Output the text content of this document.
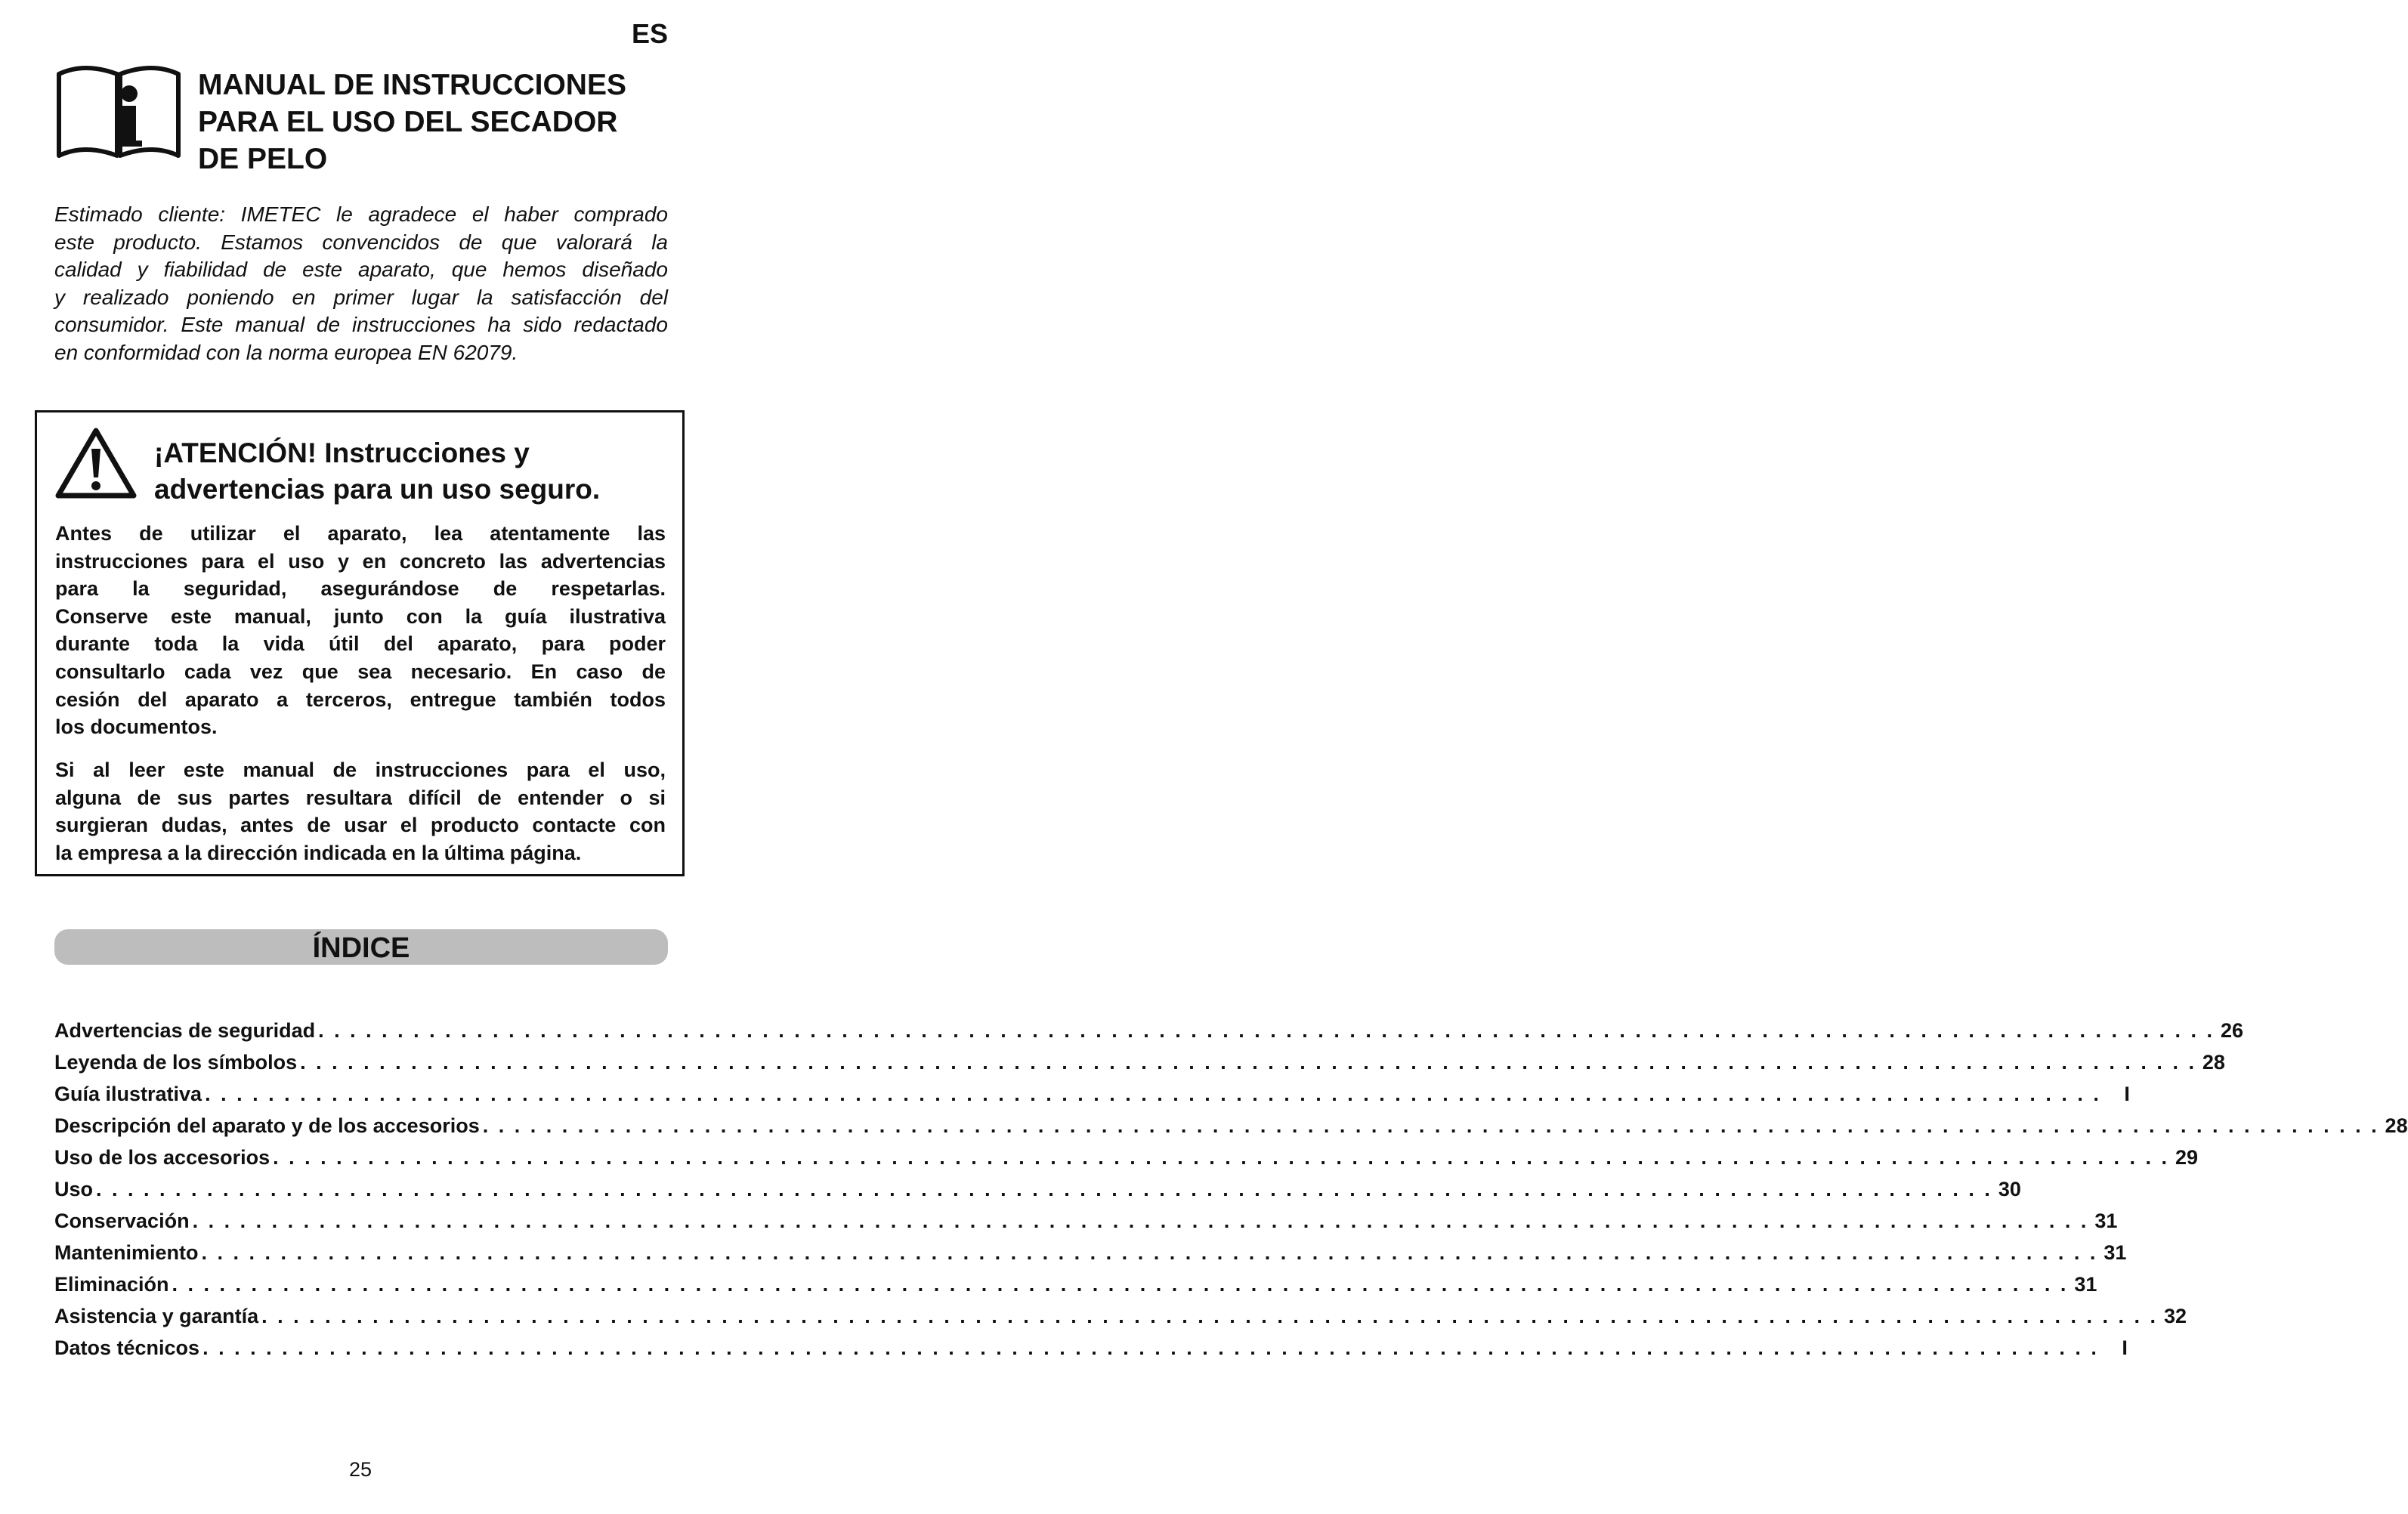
ES
MANUAL DE INSTRUCCIONES
PARA EL USO DEL SECADOR
DE PELO
Estimado cliente: IMETEC le agradece el haber comprado
este producto. Estamos convencidos de que valorará la
calidad y fiabilidad de este aparato, que hemos diseñado
y realizado poniendo en primer lugar la satisfacción del
consumidor. Este manual de instrucciones ha sido redactado
en conformidad con la norma europea EN 62079.
¡ATENCIÓN! Instrucciones y
advertencias para un uso seguro.
Antes de utilizar el aparato, lea atentamente las
instrucciones para el uso y en concreto las advertencias
para la seguridad, asegurándose de respetarlas.
Conserve este manual, junto con la guía ilustrativa
durante toda la vida útil del aparato, para poder
consultarlo cada vez que sea necesario. En caso de
cesión del aparato a terceros, entregue también todos
los documentos.
Si al leer este manual de instrucciones para el uso,
alguna de sus partes resultara difícil de entender o si
surgieran dudas, antes de usar el producto contacte con
la empresa a la dirección indicada en la última página.
ÍNDICE
Advertencias de seguridad . . . . . . . . . . . . . . . . . . . . . . . . . . . . . . . . . . . . . . . . . . . . . . . . . . . . . . . . . . . . . . . . . . . . . . . . . . . . . . . . . . . . . . . . . . . . . . . . . . . . . . . . . . . . . . . . . . . . . . . . 26
Leyenda de los símbolos . . . . . . . . . . . . . . . . . . . . . . . . . . . . . . . . . . . . . . . . . . . . . . . . . . . . . . . . . . . . . . . . . . . . . . . . . . . . . . . . . . . . . . . . . . . . . . . . . . . . . . . . . . . . . . . . . . . . . . . . 28
Guía ilustrativa . . . . . . . . . . . . . . . . . . . . . . . . . . . . . . . . . . . . . . . . . . . . . . . . . . . . . . . . . . . . . . . . . . . . . . . . . . . . . . . . . . . . . . . . . . . . . . . . . . . . . . . . . . . . . . . . . . . . . . . .	I
Descripción del aparato y de los accesorios . . . . . . . . . . . . . . . . . . . . . . . . . . . . . . . . . . . . . . . . . . . . . . . . . . . . . . . . . . . . . . . . . . . . . . . . . . . . . . . . . . . . . . . . . . . . . . . . . . . . . . . . . . . . . . . . . . . . . . . . 28
Uso de los accesorios . . . . . . . . . . . . . . . . . . . . . . . . . . . . . . . . . . . . . . . . . . . . . . . . . . . . . . . . . . . . . . . . . . . . . . . . . . . . . . . . . . . . . . . . . . . . . . . . . . . . . . . . . . . . . . . . . . . . . . . . 29
Uso . . . . . . . . . . . . . . . . . . . . . . . . . . . . . . . . . . . . . . . . . . . . . . . . . . . . . . . . . . . . . . . . . . . . . . . . . . . . . . . . . . . . . . . . . . . . . . . . . . . . . . . . . . . . . . . . . . . . . . . . 30
Conservación . . . . . . . . . . . . . . . . . . . . . . . . . . . . . . . . . . . . . . . . . . . . . . . . . . . . . . . . . . . . . . . . . . . . . . . . . . . . . . . . . . . . . . . . . . . . . . . . . . . . . . . . . . . . . . . . . . . . . . . . 31
Mantenimiento . . . . . . . . . . . . . . . . . . . . . . . . . . . . . . . . . . . . . . . . . . . . . . . . . . . . . . . . . . . . . . . . . . . . . . . . . . . . . . . . . . . . . . . . . . . . . . . . . . . . . . . . . . . . . . . . . . . . . . . . 31
Eliminación . . . . . . . . . . . . . . . . . . . . . . . . . . . . . . . . . . . . . . . . . . . . . . . . . . . . . . . . . . . . . . . . . . . . . . . . . . . . . . . . . . . . . . . . . . . . . . . . . . . . . . . . . . . . . . . . . . . . . . . . 31
Asistencia y garantía . . . . . . . . . . . . . . . . . . . . . . . . . . . . . . . . . . . . . . . . . . . . . . . . . . . . . . . . . . . . . . . . . . . . . . . . . . . . . . . . . . . . . . . . . . . . . . . . . . . . . . . . . . . . . . . . . . . . . . . . 32
Datos técnicos . . . . . . . . . . . . . . . . . . . . . . . . . . . . . . . . . . . . . . . . . . . . . . . . . . . . . . . . . . . . . . . . . . . . . . . . . . . . . . . . . . . . . . . . . . . . . . . . . . . . . . . . . . . . . . . . . . . . . . . .	I
25
